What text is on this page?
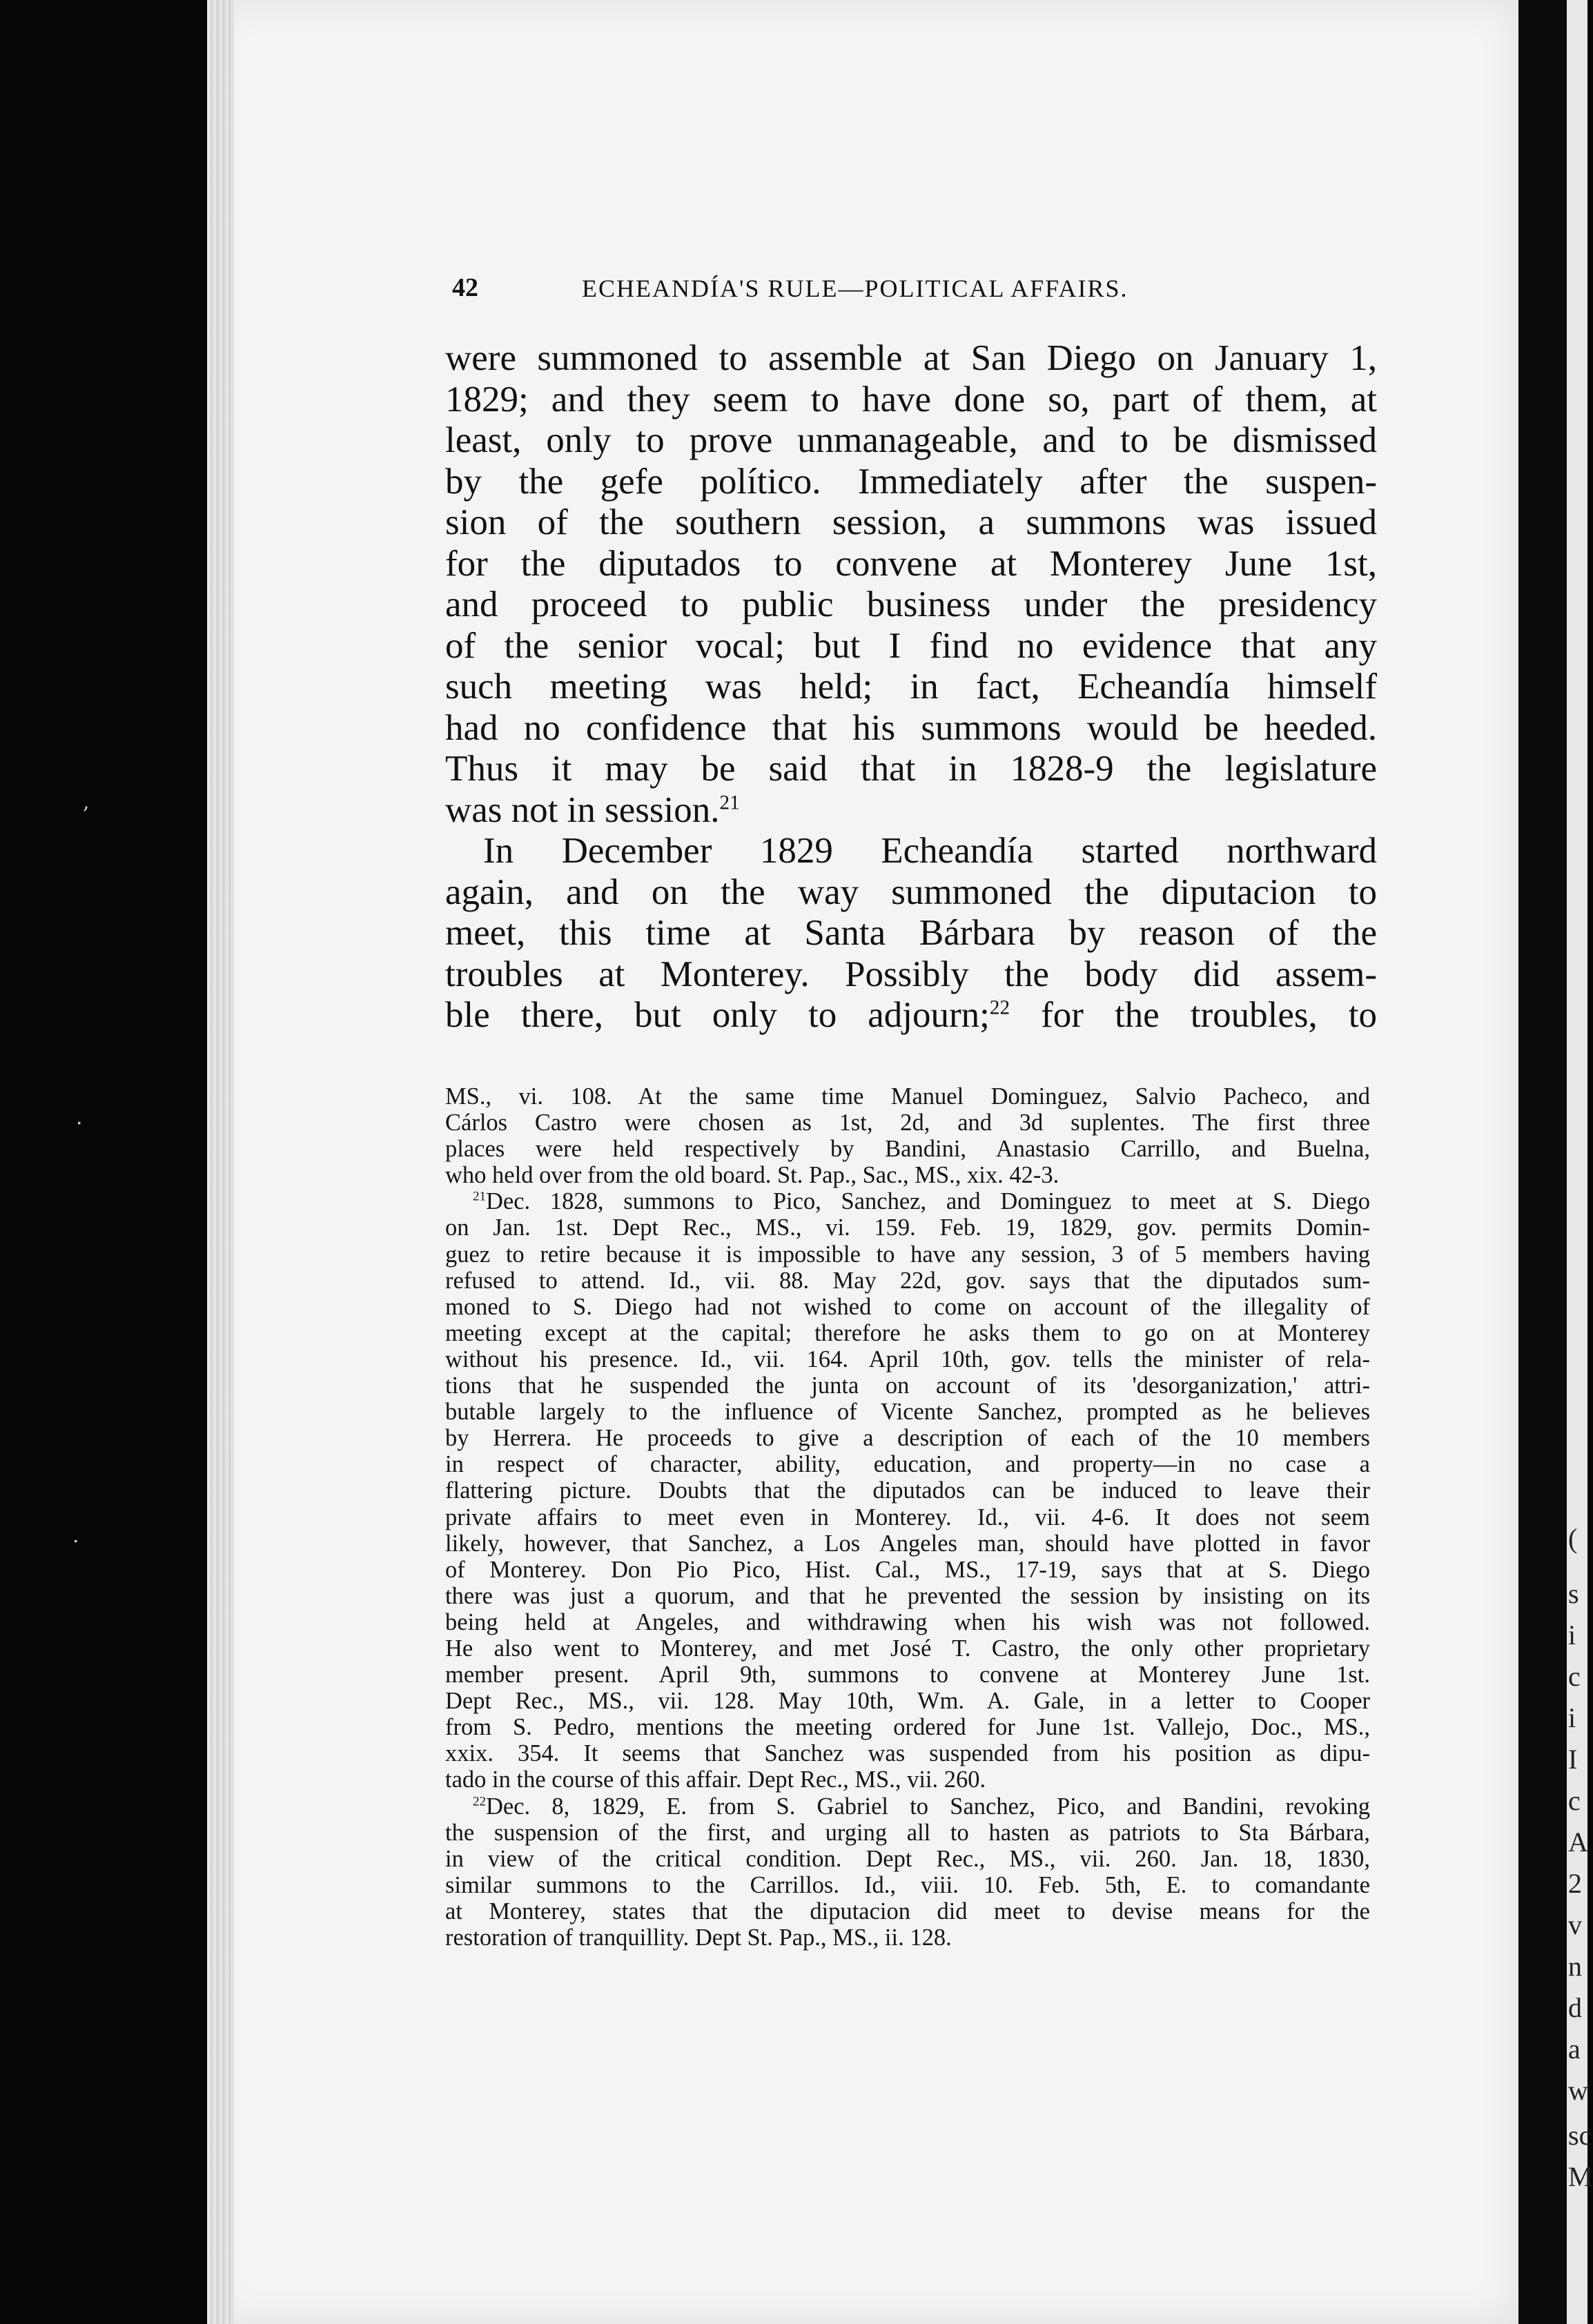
,
.
·	(
s
i
c
i
I
c
A
2
v
n
d
a
w
sc
M
42	ECHEANDÍA'S RULE—POLITICAL AFFAIRS.
were summoned to assemble at San Diego on January 1,
1829; and they seem to have done so, part of them, at
least, only to prove unmanageable, and to be dismissed
by the gefe político. Immediately after the suspen-
sion of the southern session, a summons was issued
for the diputados to convene at Monterey June 1st,
and proceed to public business under the presidency
of the senior vocal; but I find no evidence that any
such meeting was held; in fact, Echeandía himself
had no confidence that his summons would be heeded.
Thus it may be said that in 1828-9 the legislature
was not in session.$^{21}$
In December 1829 Echeandía started northward
again, and on the way summoned the diputacion to
meet, this time at Santa Bárbara by reason of the
troubles at Monterey. Possibly the body did assem-
ble there, but only to adjourn;$^{22}$ for the troubles, to
MS., vi. 108. At the same time Manuel Dominguez, Salvio Pacheco, and
Cárlos Castro were chosen as 1st, 2d, and 3d suplentes. The first three
places were held respectively by Bandini, Anastasio Carrillo, and Buelna,
who held over from the old board. St. Pap., Sac., MS., xix. 42-3.
$^{21}$Dec. 1828, summons to Pico, Sanchez, and Dominguez to meet at S. Diego
on Jan. 1st. Dept Rec., MS., vi. 159. Feb. 19, 1829, gov. permits Domin-
guez to retire because it is impossible to have any session, 3 of 5 members having
refused to attend. Id., vii. 88. May 22d, gov. says that the diputados sum-
moned to S. Diego had not wished to come on account of the illegality of
meeting except at the capital; therefore he asks them to go on at Monterey
without his presence. Id., vii. 164. April 10th, gov. tells the minister of rela-
tions that he suspended the junta on account of its 'desorganization,' attri-
butable largely to the influence of Vicente Sanchez, prompted as he believes
by Herrera. He proceeds to give a description of each of the 10 members
in respect of character, ability, education, and property—in no case a
flattering picture. Doubts that the diputados can be induced to leave their
private affairs to meet even in Monterey. Id., vii. 4-6. It does not seem
likely, however, that Sanchez, a Los Angeles man, should have plotted in favor
of Monterey. Don Pio Pico, Hist. Cal., MS., 17-19, says that at S. Diego
there was just a quorum, and that he prevented the session by insisting on its
being held at Angeles, and withdrawing when his wish was not followed.
He also went to Monterey, and met José T. Castro, the only other proprietary
member present. April 9th, summons to convene at Monterey June 1st.
Dept Rec., MS., vii. 128. May 10th, Wm. A. Gale, in a letter to Cooper
from S. Pedro, mentions the meeting ordered for June 1st. Vallejo, Doc., MS.,
xxix. 354. It seems that Sanchez was suspended from his position as dipu-
tado in the course of this affair. Dept Rec., MS., vii. 260.
$^{22}$Dec. 8, 1829, E. from S. Gabriel to Sanchez, Pico, and Bandini, revoking
the suspension of the first, and urging all to hasten as patriots to Sta Bárbara,
in view of the critical condition. Dept Rec., MS., vii. 260. Jan. 18, 1830,
similar summons to the Carrillos. Id., viii. 10. Feb. 5th, E. to comandante
at Monterey, states that the diputacion did meet to devise means for the
restoration of tranquillity. Dept St. Pap., MS., ii. 128.
